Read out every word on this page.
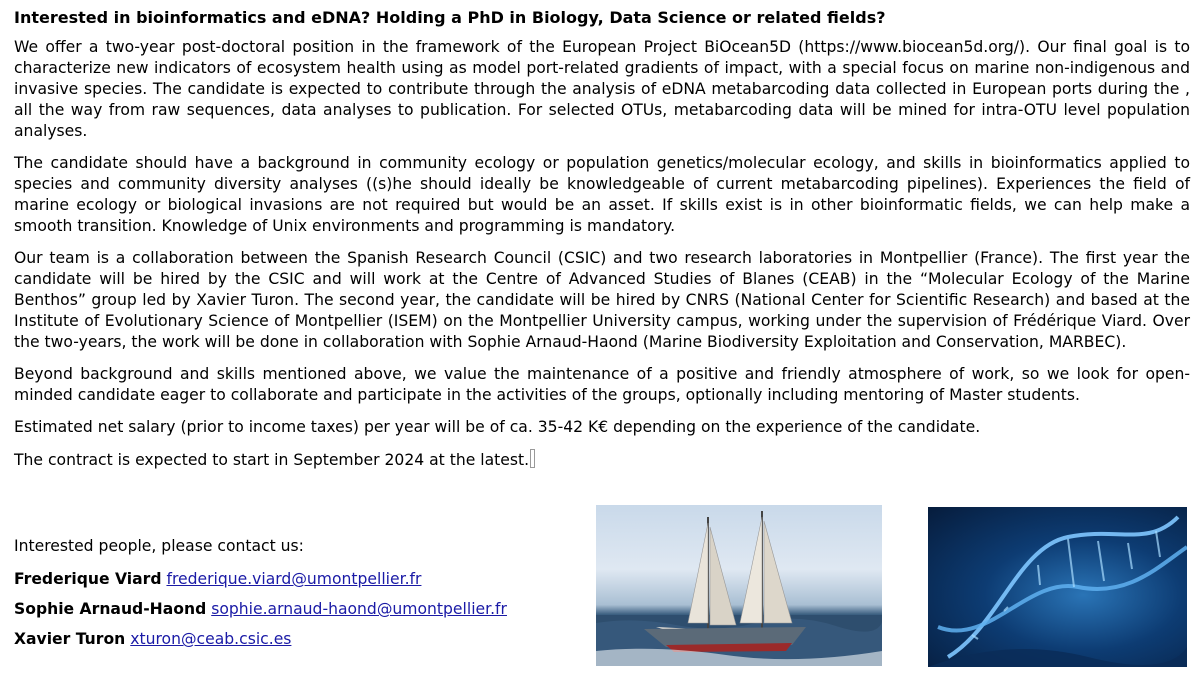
Interested in bioinformatics and eDNA? Holding a PhD in Biology, Data Science or related fields?

We offer a two-year post-doctoral position in the framework of the European Project BiOcean5D (https://www.biocean5d.org/). Our final goal is to characterize new indicators of ecosystem health using as model port-related gradients of impact, with a special focus on marine non-indigenous and invasive species. The candidate is expected to contribute through the analysis of eDNA metabarcoding data collected in European ports during the , all the way from raw sequences, data analyses to publication. For selected OTUs, metabarcoding data will be mined for intra-OTU level population analyses.

The candidate should have a background in community ecology or population genetics/molecular ecology, and skills in bioinformatics applied to species and community diversity analyses ((s)he should ideally be knowledgeable of current metabarcoding pipelines). Experiences the field of marine ecology or biological invasions are not required but would be an asset. If skills exist is in other bioinformatic fields, we can help make a smooth transition. Knowledge of Unix environments and programming is mandatory.

Our team is a collaboration between the Spanish Research Council (CSIC) and two research laboratories in Montpellier (France). The first year the candidate will be hired by the CSIC and will work at the Centre of Advanced Studies of Blanes (CEAB) in the “Molecular Ecology of the Marine Benthos” group led by Xavier Turon. The second year, the candidate will be hired by CNRS (National Center for Scientific Research) and based at the Institute of Evolutionary Science of Montpellier (ISEM) on the Montpellier University campus, working under the supervision of Frédérique Viard. Over the two-years, the work will be done in collaboration with Sophie Arnaud-Haond (Marine Biodiversity Exploitation and Conservation, MARBEC).

Beyond background and skills mentioned above, we value the maintenance of a positive and friendly atmosphere of work, so we look for open-minded candidate eager to collaborate and participate in the activities of the groups, optionally including mentoring of Master students.

Estimated net salary (prior to income taxes) per year will be of ca. 35-42 K€ depending on the experience of the candidate.

The contract is expected to start in September 2024 at the latest.

Interested people, please contact us:
Frederique Viard frederique.viard@umontpellier.fr
Sophie Arnaud-Haond sophie.arnaud-haond@umontpellier.fr
Xavier Turon xturon@ceab.csic.es
